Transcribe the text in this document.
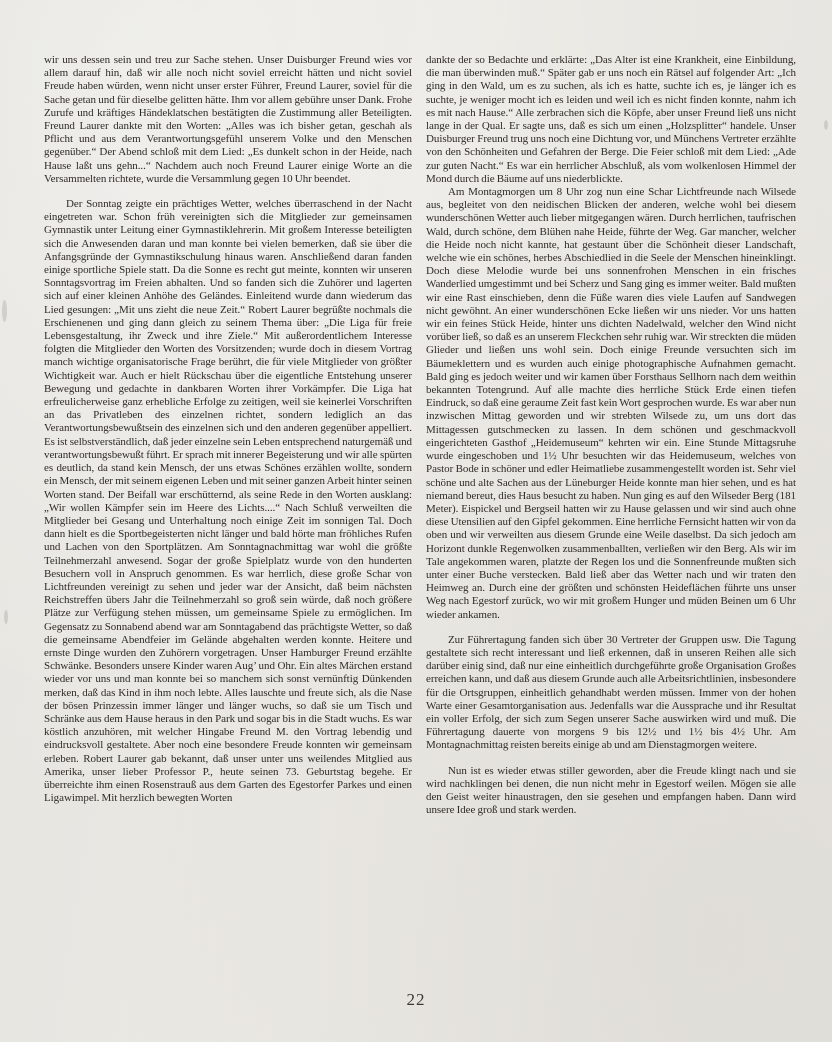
wir uns dessen sein und treu zur Sache stehen. Unser Duisburger Freund wies vor allem darauf hin, daß wir alle noch nicht soviel erreicht hätten und nicht soviel Freude haben würden, wenn nicht unser erster Führer, Freund Laurer, soviel für die Sache getan und für dieselbe gelitten hätte. Ihm vor allem gebühre unser Dank. Frohe Zurufe und kräftiges Händeklatschen bestätigten die Zustimmung aller Beteiligten. Freund Laurer dankte mit den Worten: „Alles was ich bisher getan, geschah als Pflicht und aus dem Verantwortungsgefühl unserem Volke und den Menschen gegenüber.“ Der Abend schloß mit dem Lied: „Es dunkelt schon in der Heide, nach Hause laßt uns gehn...“ Nachdem auch noch Freund Laurer einige Worte an die Versammelten richtete, wurde die Versammlung gegen 10 Uhr beendet.

Der Sonntag zeigte ein prächtiges Wetter, welches überraschend in der Nacht eingetreten war. Schon früh vereinigten sich die Mitglieder zur gemeinsamen Gymnastik unter Leitung einer Gymnastiklehrerin. Mit großem Interesse beteiligten sich die Anwesenden daran und man konnte bei vielen bemerken, daß sie über die Anfangsgründe der Gymnastikschulung hinaus waren. Anschließend daran fanden einige sportliche Spiele statt. Da die Sonne es recht gut meinte, konnten wir unseren Sonntagsvortrag im Freien abhalten. Und so fanden sich die Zuhörer und lagerten sich auf einer kleinen Anhöhe des Geländes. Einleitend wurde dann wiederum das Lied gesungen: „Mit uns zieht die neue Zeit.“ Robert Laurer begrüßte nochmals die Erschienenen und ging dann gleich zu seinem Thema über: „Die Liga für freie Lebensgestaltung, ihr Zweck und ihre Ziele.“ Mit außerordentlichem Interesse folgten die Mitglieder den Worten des Vorsitzenden; wurde doch in diesem Vortrag manch wichtige organisatorische Frage berührt, die für viele Mitglieder von größter Wichtigkeit war. Auch er hielt Rückschau über die eigentliche Entstehung unserer Bewegung und gedachte in dankbaren Worten ihrer Vorkämpfer. Die Liga hat erfreulicherweise ganz erhebliche Erfolge zu zeitigen, weil sie keinerlei Vorschriften an das Privatleben des einzelnen richtet, sondern lediglich an das Verantwortungsbewußtsein des einzelnen sich und den anderen gegenüber appelliert. Es ist selbstverständlich, daß jeder einzelne sein Leben entsprechend naturgemäß und verantwortungsbewußt führt. Er sprach mit innerer Begeisterung und wir alle spürten es deutlich, da stand kein Mensch, der uns etwas Schönes erzählen wollte, sondern ein Mensch, der mit seinem eigenen Leben und mit seiner ganzen Arbeit hinter seinen Worten stand. Der Beifall war erschütternd, als seine Rede in den Worten ausklang: „Wir wollen Kämpfer sein im Heere des Lichts....“ Nach Schluß verweilten die Mitglieder bei Gesang und Unterhaltung noch einige Zeit im sonnigen Tal. Doch dann hielt es die Sportbegeisterten nicht länger und bald hörte man fröhliches Rufen und Lachen von den Sportplätzen. Am Sonntagnachmittag war wohl die größte Teilnehmerzahl anwesend. Sogar der große Spielplatz wurde von den hunderten Besuchern voll in Anspruch genommen. Es war herrlich, diese große Schar von Lichtfreunden vereinigt zu sehen und jeder war der Ansicht, daß beim nächsten Reichstreffen übers Jahr die Teilnehmerzahl so groß sein würde, daß noch größere Plätze zur Verfügung stehen müssen, um gemeinsame Spiele zu ermöglichen. Im Gegensatz zu Sonnabend abend war am Sonntagabend das prächtigste Wetter, so daß die gemeinsame Abendfeier im Gelände abgehalten werden konnte. Heitere und ernste Dinge wurden den Zuhörern vorgetragen. Unser Hamburger Freund erzählte Schwänke. Besonders unsere Kinder waren Aug’ und Ohr. Ein altes Märchen erstand wieder vor uns und man konnte bei so manchem sich sonst vernünftig Dünkenden merken, daß das Kind in ihm noch lebte. Alles lauschte und freute sich, als die Nase der bösen Prinzessin immer länger und länger wuchs, so daß sie um Tisch und Schränke aus dem Hause heraus in den Park und sogar bis in die Stadt wuchs. Es war köstlich anzuhören, mit welcher Hingabe Freund M. den Vortrag lebendig und eindrucksvoll gestaltete. Aber noch eine besondere Freude konnten wir gemeinsam erleben. Robert Laurer gab bekannt, daß unser unter uns weilendes Mitglied aus Amerika, unser lieber Professor P., heute seinen 73. Geburtstag begehe. Er überreichte ihm einen Rosenstrauß aus dem Garten des Egestorfer Parkes und einen Ligawimpel. Mit herzlich bewegten Worten

dankte der so Bedachte und erklärte: „Das Alter ist eine Krankheit, eine Einbildung, die man überwinden muß.“ Später gab er uns noch ein Rätsel auf folgender Art: „Ich ging in den Wald, um es zu suchen, als ich es hatte, suchte ich es, je länger ich es suchte, je weniger mocht ich es leiden und weil ich es nicht finden konnte, nahm ich es mit nach Hause.“ Alle zerbrachen sich die Köpfe, aber unser Freund ließ uns nicht lange in der Qual. Er sagte uns, daß es sich um einen „Holzsplitter“ handele. Unser Duisburger Freund trug uns noch eine Dichtung vor, und Münchens Vertreter erzählte von den Schönheiten und Gefahren der Berge. Die Feier schloß mit dem Lied: „Ade zur guten Nacht.“ Es war ein herrlicher Abschluß, als vom wolkenlosen Himmel der Mond durch die Bäume auf uns niederblickte.

Am Montagmorgen um 8 Uhr zog nun eine Schar Lichtfreunde nach Wilsede aus, begleitet von den neidischen Blicken der anderen, welche wohl bei diesem wunderschönen Wetter auch lieber mitgegangen wären. Durch herrlichen, taufrischen Wald, durch schöne, dem Blühen nahe Heide, führte der Weg. Gar mancher, welcher die Heide noch nicht kannte, hat gestaunt über die Schönheit dieser Landschaft, welche wie ein schönes, herbes Abschiedlied in die Seele der Menschen hineinklingt. Doch diese Melodie wurde bei uns sonnenfrohen Menschen in ein frisches Wanderlied umgestimmt und bei Scherz und Sang ging es immer weiter. Bald mußten wir eine Rast einschieben, denn die Füße waren dies viele Laufen auf Sandwegen nicht gewöhnt. An einer wunderschönen Ecke ließen wir uns nieder. Vor uns hatten wir ein feines Stück Heide, hinter uns dichten Nadelwald, welcher den Wind nicht vorüber ließ, so daß es an unserem Fleckchen sehr ruhig war. Wir streckten die müden Glieder und ließen uns wohl sein. Doch einige Freunde versuchten sich im Bäumeklettern und es wurden auch einige photographische Aufnahmen gemacht. Bald ging es jedoch weiter und wir kamen über Forsthaus Sellhorn nach dem weithin bekannten Totengrund. Auf alle machte dies herrliche Stück Erde einen tiefen Eindruck, so daß eine geraume Zeit fast kein Wort gesprochen wurde. Es war aber nun inzwischen Mittag geworden und wir strebten Wilsede zu, um uns dort das Mittagessen gutschmecken zu lassen. In dem schönen und geschmackvoll eingerichteten Gasthof „Heidemuseum“ kehrten wir ein. Eine Stunde Mittagsruhe wurde eingeschoben und 1½ Uhr besuchten wir das Heidemuseum, welches von Pastor Bode in schöner und edler Heimatliebe zusammengestellt worden ist. Sehr viel schöne und alte Sachen aus der Lüneburger Heide konnte man hier sehen, und es hat niemand bereut, dies Haus besucht zu haben. Nun ging es auf den Wilseder Berg (181 Meter). Eispickel und Bergseil hatten wir zu Hause gelassen und wir sind auch ohne diese Utensilien auf den Gipfel gekommen. Eine herrliche Fernsicht hatten wir von da oben und wir verweilten aus diesem Grunde eine Weile daselbst. Da sich jedoch am Horizont dunkle Regenwolken zusammenballten, verließen wir den Berg. Als wir im Tale angekommen waren, platzte der Regen los und die Sonnenfreunde mußten sich unter einer Buche verstecken. Bald ließ aber das Wetter nach und wir traten den Heimweg an. Durch eine der größten und schönsten Heideflächen führte uns unser Weg nach Egestorf zurück, wo wir mit großem Hunger und müden Beinen um 6 Uhr wieder ankamen.

Zur Führertagung fanden sich über 30 Vertreter der Gruppen usw. Die Tagung gestaltete sich recht interessant und ließ erkennen, daß in unseren Reihen alle sich darüber einig sind, daß nur eine einheitlich durchgeführte große Organisation Großes erreichen kann, und daß aus diesem Grunde auch alle Arbeitsrichtlinien, insbesondere für die Ortsgruppen, einheitlich gehandhabt werden müssen. Immer von der hohen Warte einer Gesamtorganisation aus. Jedenfalls war die Aussprache und ihr Resultat ein voller Erfolg, der sich zum Segen unserer Sache auswirken wird und muß. Die Führertagung dauerte von morgens 9 bis 12½ und 1½ bis 4½ Uhr. Am Montagnachmittag reisten bereits einige ab und am Dienstagmorgen weitere.

Nun ist es wieder etwas stiller geworden, aber die Freude klingt nach und sie wird nachklingen bei denen, die nun nicht mehr in Egestorf weilen. Mögen sie alle den Geist weiter hinaustragen, den sie gesehen und empfangen haben. Dann wird unsere Idee groß und stark werden.

22
